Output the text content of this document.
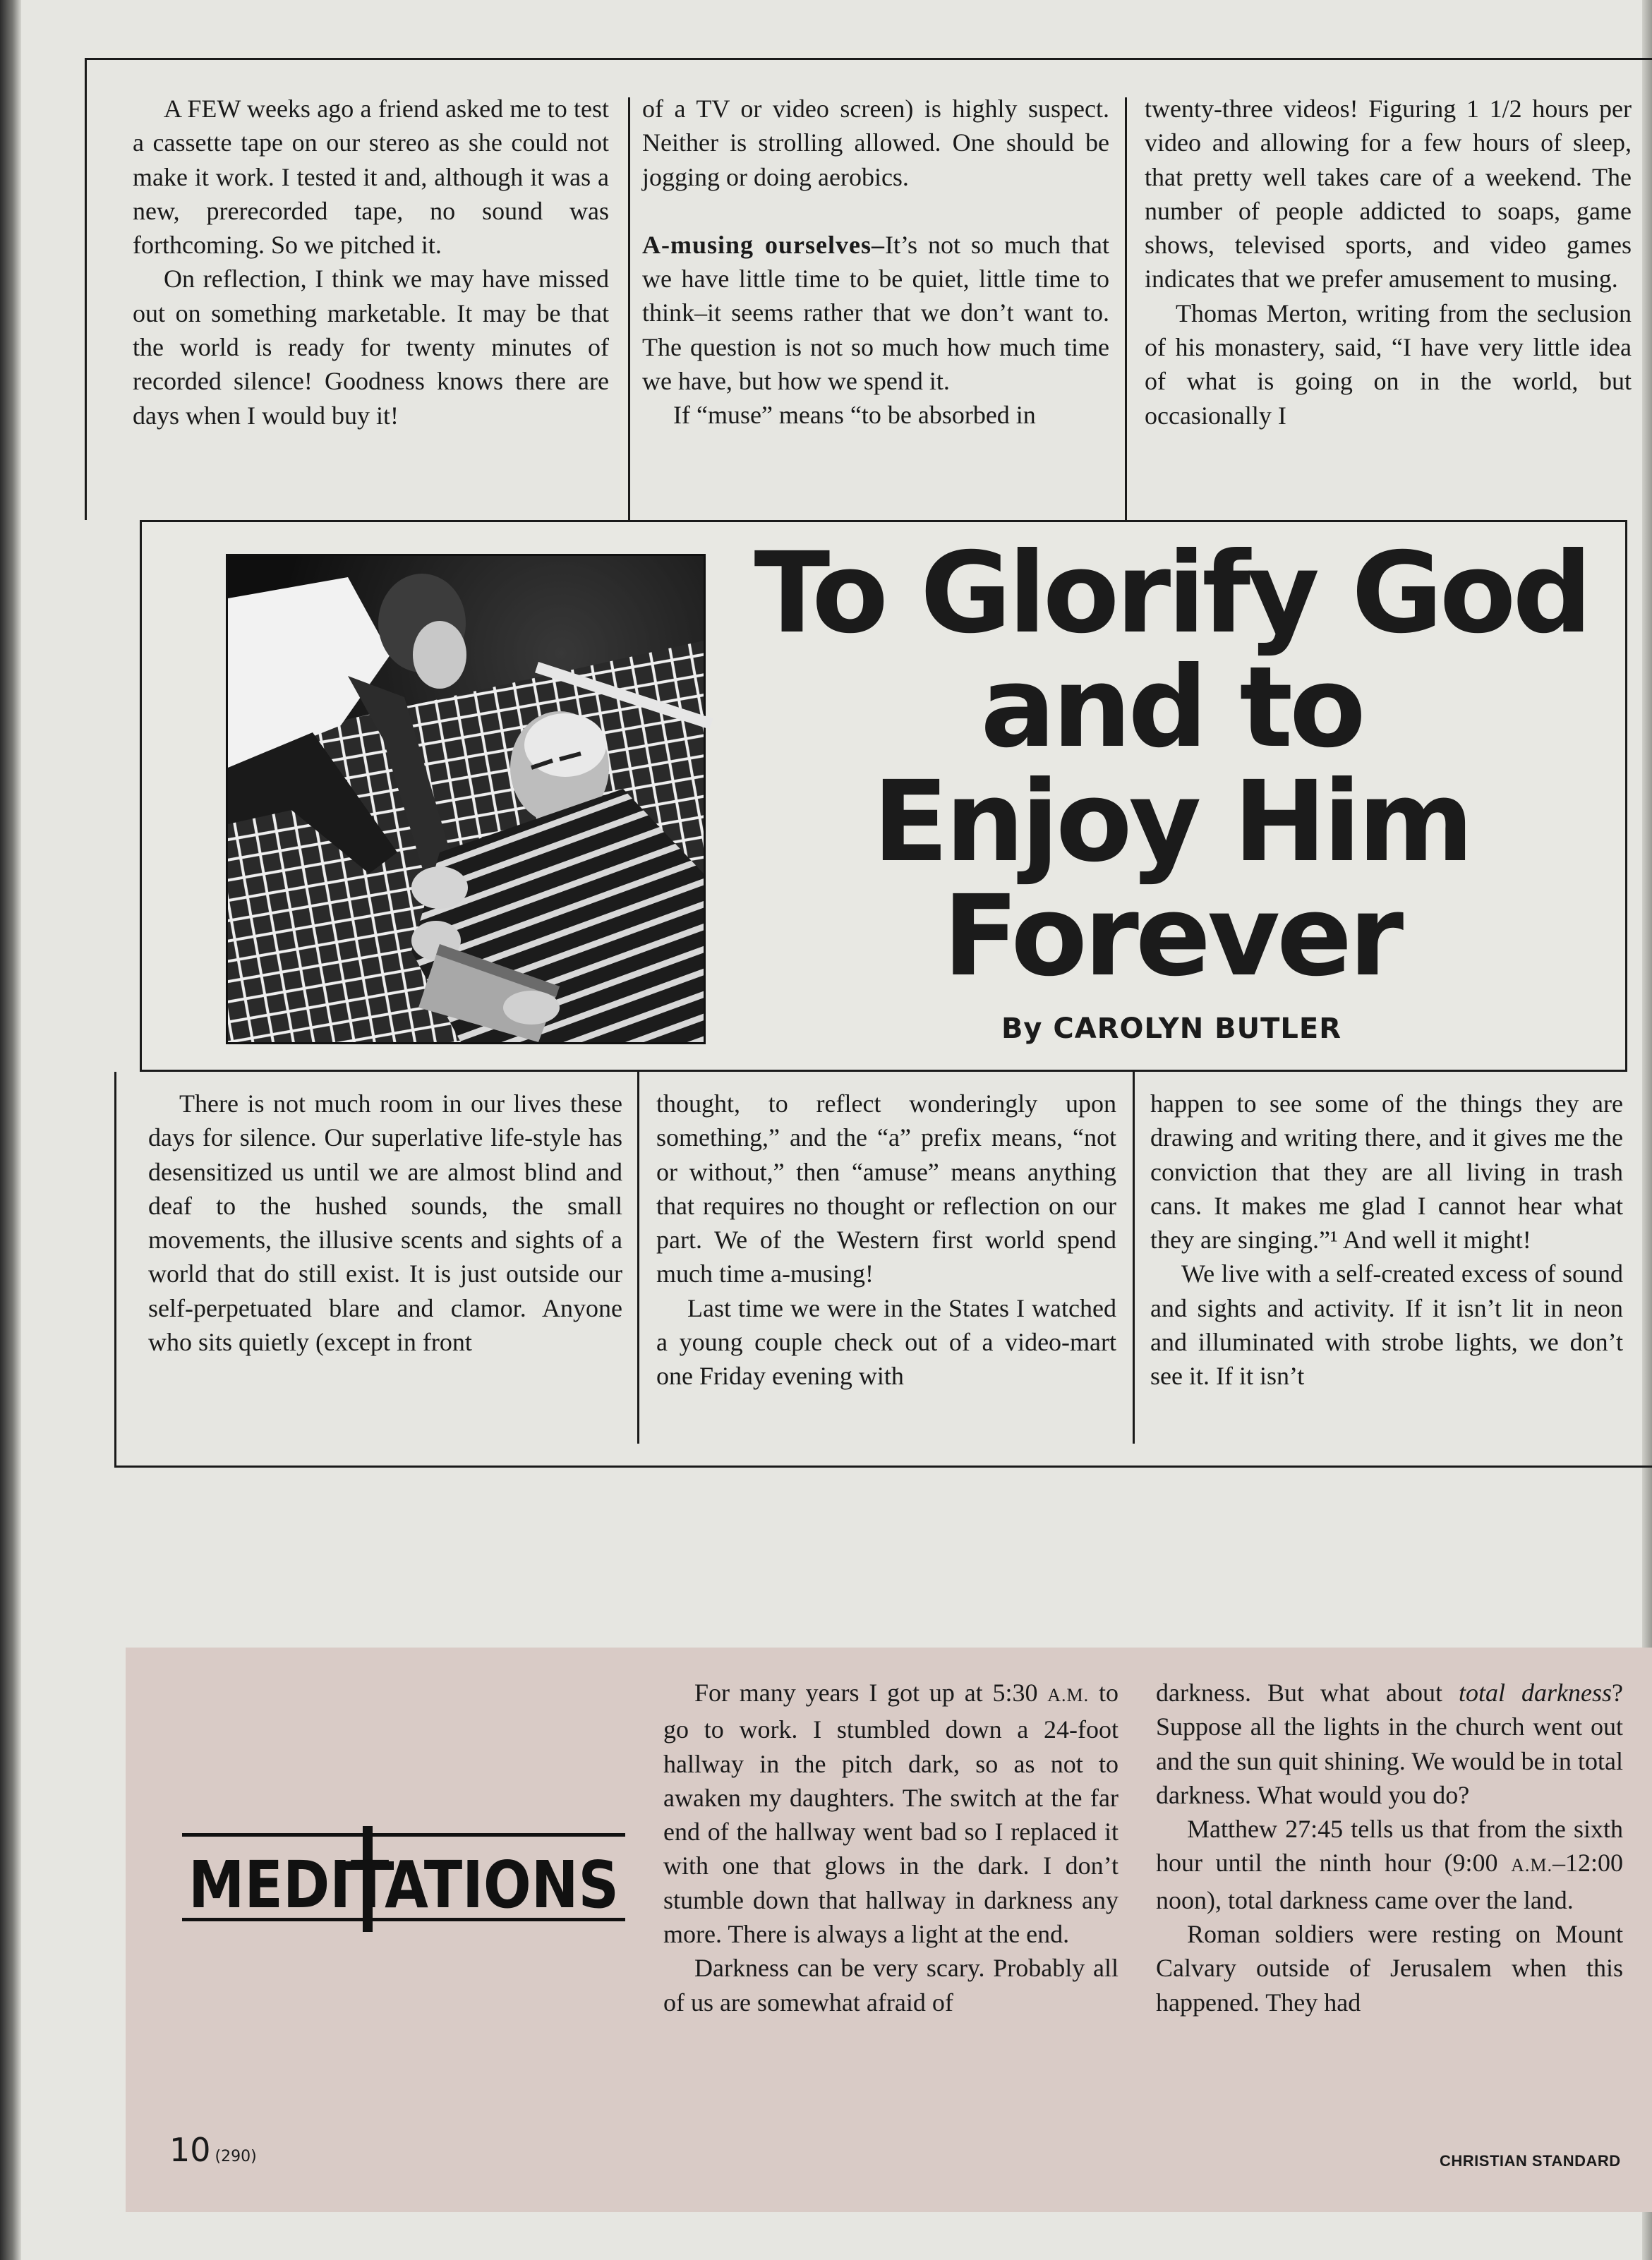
A FEW weeks ago a friend asked me to test a cassette tape on our stereo as she could not make it work. I tested it and, although it was a new, prerecorded tape, no sound was forthcoming. So we pitched it.

On reflection, I think we may have missed out on something marketable. It may be that the world is ready for twenty minutes of recorded silence! Goodness knows there are days when I would buy it!

of a TV or video screen) is highly suspect. Neither is strolling allowed. One should be jogging or doing aerobics.

A-musing ourselves–It’s not so much that we have little time to be quiet, little time to think–it seems rather that we don’t want to. The question is not so much how much time we have, but how we spend it.

If “muse” means “to be absorbed in

twenty-three videos! Figuring 1 1/2 hours per video and allowing for a few hours of sleep, that pretty well takes care of a weekend. The number of people addicted to soaps, game shows, televised sports, and video games indicates that we prefer amusement to musing.

Thomas Merton, writing from the seclusion of his monastery, said, “I have very little idea of what is going on in the world, but occasionally I

To Glorify God
and to
Enjoy Him
Forever
By CAROLYN BUTLER

There is not much room in our lives these days for silence. Our superlative life-style has desensitized us until we are almost blind and deaf to the hushed sounds, the small movements, the illusive scents and sights of a world that do still exist. It is just outside our self-perpetuated blare and clamor. Anyone who sits quietly (except in front

thought, to reflect wonderingly upon something,” and the “a” prefix means, “not or without,” then “amuse” means anything that requires no thought or reflection on our part. We of the Western first world spend much time a-musing!

Last time we were in the States I watched a young couple check out of a video-mart one Friday evening with

happen to see some of the things they are drawing and writing there, and it gives me the conviction that they are all living in trash cans. It makes me glad I cannot hear what they are singing.”¹ And well it might!

We live with a self-created excess of sound and sights and activity. If it isn’t lit in neon and illuminated with strobe lights, we don’t see it. If it isn’t

MEDITATIONS

For many years I got up at 5:30 A.M. to go to work. I stumbled down a 24-foot hallway in the pitch dark, so as not to awaken my daughters. The switch at the far end of the hallway went bad so I replaced it with one that glows in the dark. I don’t stumble down that hallway in darkness any more. There is always a light at the end.

Darkness can be very scary. Probably all of us are somewhat afraid of

darkness. But what about total darkness? Suppose all the lights in the church went out and the sun quit shining. We would be in total darkness. What would you do?

Matthew 27:45 tells us that from the sixth hour until the ninth hour (9:00 A.M.–12:00 noon), total darkness came over the land.

Roman soldiers were resting on Mount Calvary outside of Jerusalem when this happened. They had

10 (290)	CHRISTIAN STANDARD
